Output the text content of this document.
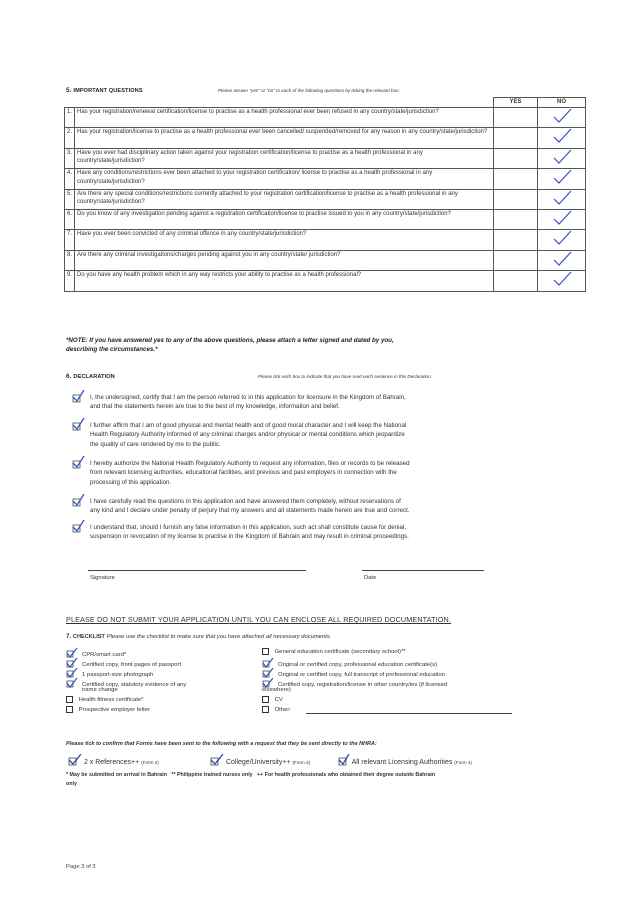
5. IMPORTANT QUESTIONS	Please answer "yes" or "no" to each of the following questions by ticking the relevant box:
		YES	NO
1.	Has your registration/renewal certification/license to practise as a health professional ever been refused in any country/state/jurisdiction?		
2.	Has your registration/license to practise as a health professional ever been cancelled/ suspended/removed for any reason in any country/state/jurisdiction?		
3.	Have you ever had disciplinary action taken against your registration certification/license to practise as a health professional in any country/state/jurisdiction?		
4.	Have any conditions/restrictions ever been attached to your registration certification/ license to practise as a health professional in any country/state/jurisdiction?		
5.	Are there any special conditions/restrictions currently attached to your registration certification/license to practise as a health professional in any country/state/jurisdiction?		
6.	Do you know of any investigation pending against a registration certification/license to practise issued to you in any country/state/jurisdiction?		
7.	Have you ever been convicted of any criminal offence in any country/state/jurisdiction?		
8.	Are there any criminal investigations/charges pending against you in any country/state/ jurisdiction?		
9.	Do you have any health problem which in any way restricts your ability to practise as a health professional?		
*NOTE: If you have answered yes to any of the above questions, please attach a letter signed and dated by you,
describing the circumstances.*
6. DECLARATION	Please tick each box to indicate that you have read each sentence in this Declaration.
I, the undersigned, certify that I am the person referred to in this application for licensure in the Kingdom of Bahrain,
and that the statements herein are true to the best of my knowledge, information and belief.
I further affirm that I am of good physical and mental health and of good moral character and I will keep the National
Health Regulatory Authority informed of any criminal charges and/or physical or mental conditions which jeopardize
the quality of care rendered by me to the public.
I hereby authorize the National Health Regulatory Authority to request any information, files or records to be released
from relevant licensing authorities, educational facilities, and previous and past employers in connection with the
processing of this application.
I have carefully read the questions in this application and have answered them completely, without reservations of
any kind and I declare under penalty of perjury that my answers and all statements made herein are true and correct.
I understand that, should I furnish any false information in this application, such act shall constitute cause for denial,
suspension or revocation of my license to practise in the Kingdom of Bahrain and may result in criminal proceedings.
Signature	Date
PLEASE DO NOT SUBMIT YOUR APPLICATION UNTIL YOU CAN ENCLOSE ALL REQUIRED DOCUMENTATION.
7. CHECKLIST Please use the checklist to make sure that you have attached all necessary documents.
CPR/smart card*
Certified copy, front pages of passport
1 passport-size photograph
Certified copy, statutory evidence of any
name change
Health fitness certificate*
Prospective employer letter
General education certificate (secondary school)**
Original or certified copy, professional education certificate(s)
Original or certified copy, full transcript of professional education
Certified copy, registration/license in other country/ies (if licensed
elsewhere)
CV
Other:
Please tick to confirm that Forms have been sent to the following with a request that they be sent directly to the NHRA:
2 x References++ (Form 2)	College/University++ (Form 3)	All relevant Licensing Authorities (Form 4)
* May be submitted on arrival in Bahrain ** Philippine trained nurses only ++ For health professionals who obtained their degree outside Bahrain
only
Page 3 of 3
